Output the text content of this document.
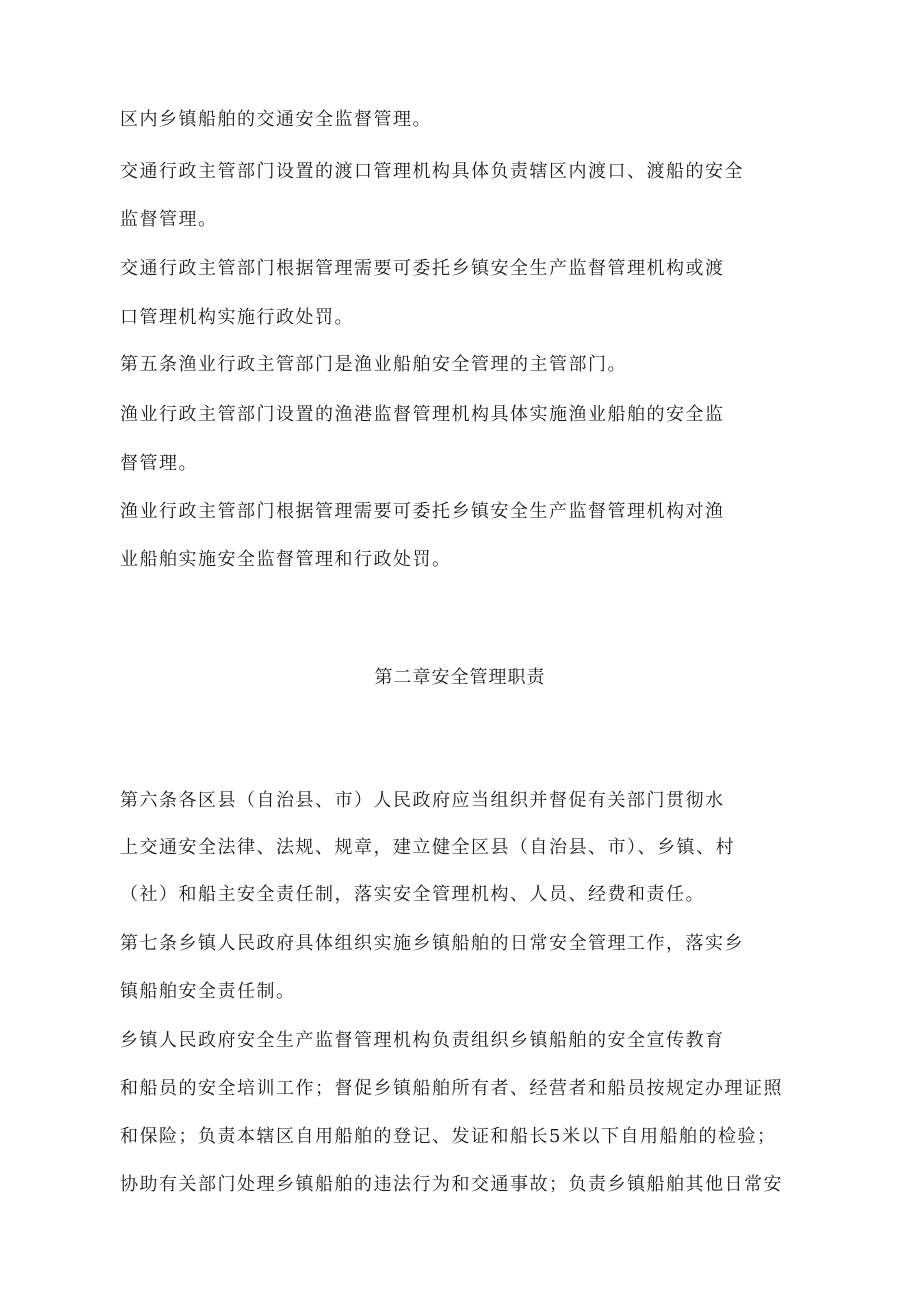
区内乡镇船舶的交通安全监督管理。
交通行政主管部门设置的渡口管理机构具体负责辖区内渡口、渡船的安全
监督管理。
交通行政主管部门根据管理需要可委托乡镇安全生产监督管理机构或渡
口管理机构实施行政处罚。
第五条渔业行政主管部门是渔业船舶安全管理的主管部门。
渔业行政主管部门设置的渔港监督管理机构具体实施渔业船舶的安全监
督管理。
渔业行政主管部门根据管理需要可委托乡镇安全生产监督管理机构对渔
业船舶实施安全监督管理和行政处罚。
第二章安全管理职责
第六条各区县（自治县、市）人民政府应当组织并督促有关部门贯彻水
上交通安全法律、法规、规章，建立健全区县（自治县、市）、乡镇、村
（社）和船主安全责任制，落实安全管理机构、人员、经费和责任。
第七条乡镇人民政府具体组织实施乡镇船舶的日常安全管理工作，落实乡
镇船舶安全责任制。
乡镇人民政府安全生产监督管理机构负责组织乡镇船舶的安全宣传教育
和船员的安全培训工作；督促乡镇船舶所有者、经营者和船员按规定办理证照
和保险；负责本辖区自用船舶的登记、发证和船长5米以下自用船舶的检验；
协助有关部门处理乡镇船舶的违法行为和交通事故；负责乡镇船舶其他日常安
